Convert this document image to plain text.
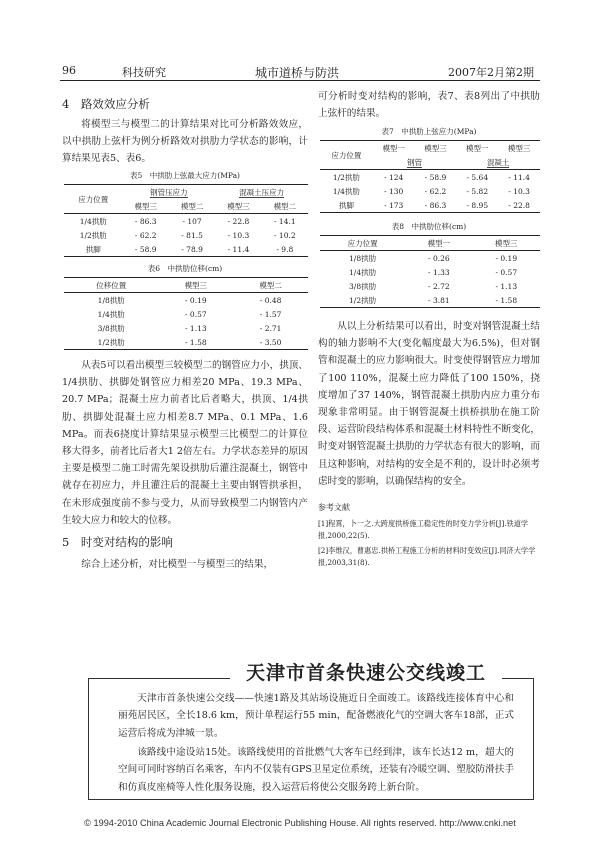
96	科技研究	城市道桥与防洪	2007年2月第2期
4　路效效应分析
将模型三与模型二的计算结果对比可分析路效效应，以中拱肋上弦杆为例分析路效对拱肋力学状态的影响，计算结果见表5、表6。
表5　中拱肋上弦最大应力(MPa)
应力位置	钢管压应力		混凝土压应力	
	模型三	模型二	模型三	模型二
1/4拱肋	- 86.3	- 107	- 22.8	- 14.1
1/2拱肋	- 62.2	- 81.5	- 10.3	- 10.2
拱脚	- 58.9	- 78.9	- 11.4	- 9.8
表6　中拱肋位移(cm)
位移位置	模型三	模型二
1/8拱肋	- 0.19	- 0.48
1/4拱肋	- 0.57	- 1.57
3/8拱肋	- 1.13	- 2.71
1/2拱肋	- 1.58	- 3.50
从表5可以看出模型三较模型二的钢管应力小，拱顶、1/4拱肋、拱脚处钢管应力相差20 MPa、19.3 MPa、20.7 MPa；混凝土应力前者比后者略大，拱顶、1/4拱肋、拱脚处混凝土应力相差8.7 MPa、0.1 MPa、1.6 MPa。而表6挠度计算结果显示模型三比模型二的计算位移大得多，前者比后者大1 2倍左右。力学状态差异的原因主要是模型二施工时需先架设拱肋后灌注混凝土，钢管中就存在初应力，并且灌注后的混凝土主要由钢管拱承担，在未形成强度前不参与受力，从而导致模型二内钢管内产生较大应力和较大的位移。
5　时变对结构的影响
综合上述分析，对比模型一与模型三的结果，
可分析时变对结构的影响，表7、表8列出了中拱肋上弦杆的结果。
表7　中拱肋上弦应力(MPa)
应力位置	模型一	模型三	模型一	模型三
	钢管		混凝土	
1/2拱肋	- 124	- 58.9	- 5.64	- 11.4
1/4拱肋	- 130	- 62.2	- 5.82	- 10.3
拱脚	- 173	- 86.3	- 8.95	- 22.8
表8　中拱肋位移(cm)
应力位置	模型一	模型三
1/8拱肋	- 0.26	- 0.19
1/4拱肋	- 1.33	- 0.57
3/8拱肋	- 2.72	- 1.13
1/2拱肋	- 3.81	- 1.58
从以上分析结果可以看出，时变对钢管混凝土结构的轴力影响不大(变化幅度最大为6.5%)，但对钢管和混凝土的应力影响很大。时变使得钢管应力增加了100 110%，混凝土应力降低了100 150%，挠度增加了37 140%，钢管混凝土拱肋内应力重分布现象非常明显。由于钢管混凝土拱桥拱肋在施工阶段、运营阶段结构体系和混凝土材料特性不断变化，时变对钢管混凝土拱肋的力学状态有很大的影响，而且这种影响，对结构的安全是不利的，设计时必须考虑时变的影响，以确保结构的安全。
参考文献
[1]程霄，卜一之.大跨度拱桥施工稳定性的时变力学分析[J].铁道学报,2000,22(5).
[2]李维汉，曹惠忠.拱桥工程施工分析的材料时变效应[J].同济大学学报,2003,31(8).
天津市首条快速公交线竣工
天津市首条快速公交线——快速1路及其站场设施近日全面竣工。该路线连接体育中心和丽苑居民区，全长18.6 km，预计单程运行55 min，配备燃液化气的空调大客车18部，正式运营后将成为津城一景。
该路线中途设站15处。该路线使用的首批燃气大客车已经到津，该车长达12 m，超大的空间可同时容纳百名乘客，车内不仅装有GPS卫星定位系统，还装有冷暖空调、塑胶防滑扶手和仿真皮座椅等人性化服务设施，投入运营后将使公交服务跨上新台阶。
© 1994-2010 China Academic Journal Electronic Publishing House. All rights reserved. http://www.cnki.net
